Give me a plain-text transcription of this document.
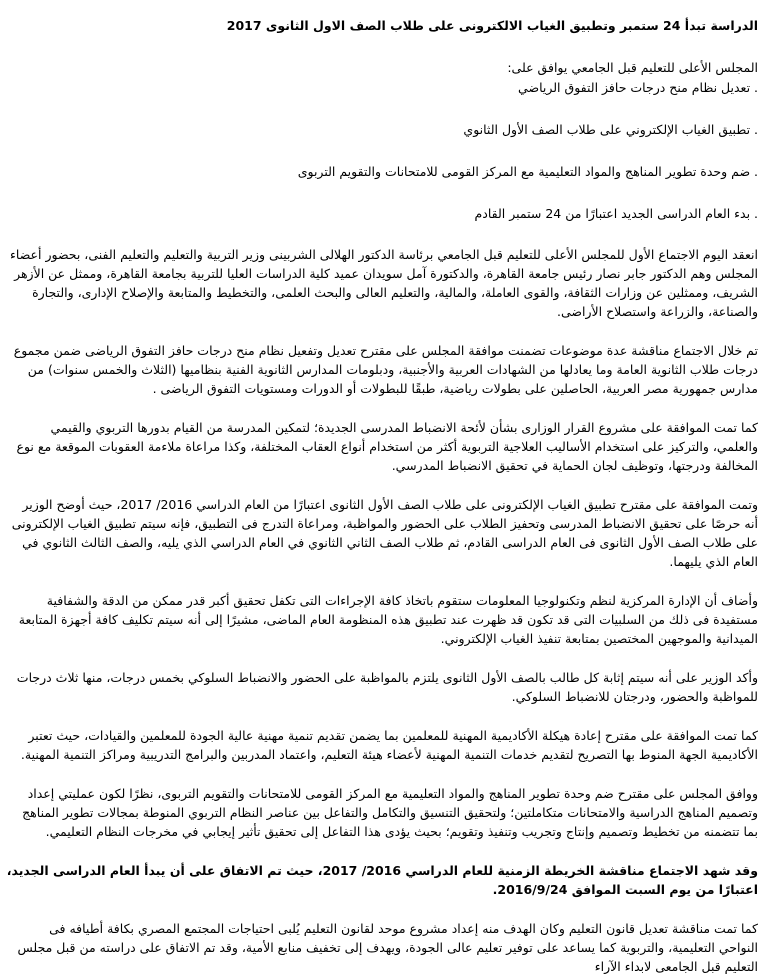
الدراسة تبدأ 24 ستمبر وتطبيق الغياب الالكترونى على طلاب الصف الاول الثانوى 2017

المجلس الأعلى للتعليم قبل الجامعي يوافق على:

. تعديل نظام منح درجات حافز التفوق الرياضي

. تطبيق الغياب الإلكتروني على طلاب الصف الأول الثانوي

. ضم وحدة تطوير المناهج والمواد التعليمية مع المركز القومى للامتحانات والتقويم التربوى

. بدء العام الدراسى الجديد اعتبارًا من 24 ستمبر القادم

انعقد اليوم الاجتماع الأول للمجلس الأعلى للتعليم قبل الجامعي برئاسة الدكتور الهلالى الشربينى وزير التربية والتعليم والتعليم الفنى، بحضور أعضاء المجلس وهم الدكتور جابر نصار رئيس جامعة القاهرة، والدكتورة آمل سويدان عميد كلية الدراسات العليا للتربية بجامعة القاهرة، وممثل عن الأزهر الشريف، وممثلين عن وزارات الثقافة، والقوى العاملة، والمالية، والتعليم العالى والبحث العلمى، والتخطيط والمتابعة والإصلاح الإدارى، والتجارة والصناعة، والزراعة واستصلاح الأراضى.

تم خلال الاجتماع مناقشة عدة موضوعات تضمنت موافقة المجلس على مقترح تعديل وتفعيل نظام منح درجات حافز التفوق الرياضى ضمن مجموع درجات طلاب الثانوية العامة وما يعادلها من الشهادات العربية والأجنبية، ودبلومات المدارس الثانوية الفنية بنظاميها (الثلاث والخمس سنوات) من مدارس جمهورية مصر العربية، الحاصلين على بطولات رياضية، طبقًا للبطولات أو الدورات ومستويات التفوق الرياضى .

كما تمت الموافقة على مشروع القرار الوزارى بشأن لأئحة الانضباط المدرسى الجديدة؛ لتمكين المدرسة من القيام بدورها التربوي والقيمي والعلمي، والتركيز على استخدام الأساليب العلاجية التربوية أكثر من استخدام أنواع العقاب المختلفة، وكذا مراعاة ملاءمة العقوبات الموقعة مع نوع المخالفة ودرجتها، وتوظيف لجان الحماية في تحقيق الانضباط المدرسي.

وتمت الموافقة على مقترح تطبيق الغياب الإلكترونى على طلاب الصف الأول الثانوى اعتبارًا من العام الدراسي 2016/ 2017، حيث أوضح الوزير أنه حرصًا على تحقيق الانضباط المدرسى وتحفيز الطلاب على الحضور والمواظبة، ومراعاة التدرج فى التطبيق، فإنه سيتم تطبيق الغياب الإلكترونى على طلاب الصف الأول الثانوى فى العام الدراسى القادم، ثم طلاب الصف الثاني الثانوي في العام الدراسي الذي يليه، والصف الثالث الثانوي في العام الذي يليهما.

وأضاف أن الإدارة المركزية لنظم وتكنولوجيا المعلومات ستقوم باتخاذ كافة الإجراءات التى تكفل تحقيق أكبر قدر ممكن من الدقة والشفافية مستفيدة فى ذلك من السلبيات التى قد تكون قد ظهرت عند تطبيق هذه المنظومة العام الماضى، مشيرًا إلى أنه سيتم تكليف كافة أجهزة المتابعة الميدانية والموجهين المختصين بمتابعة تنفيذ الغياب الإلكتروني.

وأكد الوزير على أنه سيتم إثابة كل طالب بالصف الأول الثانوى يلتزم بالمواظبة على الحضور والانضباط السلوكي بخمس درجات، منها ثلاث درجات للمواظبة والحضور، ودرجتان للانضباط السلوكي.

كما تمت الموافقة على مقترح إعادة هيكلة الأكاديمية المهنية للمعلمين بما يضمن تقديم تنمية مهنية عالية الجودة للمعلمين والقيادات، حيث تعتبر الأكاديمية الجهة المنوط بها التصريح لتقديم خدمات التنمية المهنية لأعضاء هيئة التعليم، واعتماد المدربين والبرامج التدريبية ومراكز التنمية المهنية.

ووافق المجلس على مقترح ضم وحدة تطوير المناهج والمواد التعليمية مع المركز القومى للامتحانات والتقويم التربوى، نظرًا لكون عمليتي إعداد وتصميم المناهج الدراسية والامتحانات متكاملتين؛ ولتحقيق التنسيق والتكامل والتفاعل بين عناصر النظام التربوي المنوطة بمجالات تطوير المناهج بما تتضمنه من تخطيط وتصميم وإنتاج وتجريب وتنفيذ وتقويم؛ بحيث يؤدى هذا التفاعل إلى تحقيق تأثير إيجابي في مخرجات النظام التعليمي.

وقد شهد الاجتماع مناقشة الخريطة الزمنية للعام الدراسي 2016/ 2017، حيث تم الاتفاق على أن يبدأ العام الدراسى الجديد، اعتبارًا من يوم السبت الموافق 2016/9/24.

كما تمت مناقشة تعديل قانون التعليم وكان الهدف منه إعداد مشروع موحد لقانون التعليم يُلبى احتياجات المجتمع المصري بكافة أطيافه فى النواحي التعليمية، والتربوية كما يساعد على توفير تعليم عالى الجودة، ويهدف إلى تخفيف منابع الأمية، وقد تم الاتفاق على دراسته من قبل مجلس التعليم قبل الجامعى لابداء الآراء
